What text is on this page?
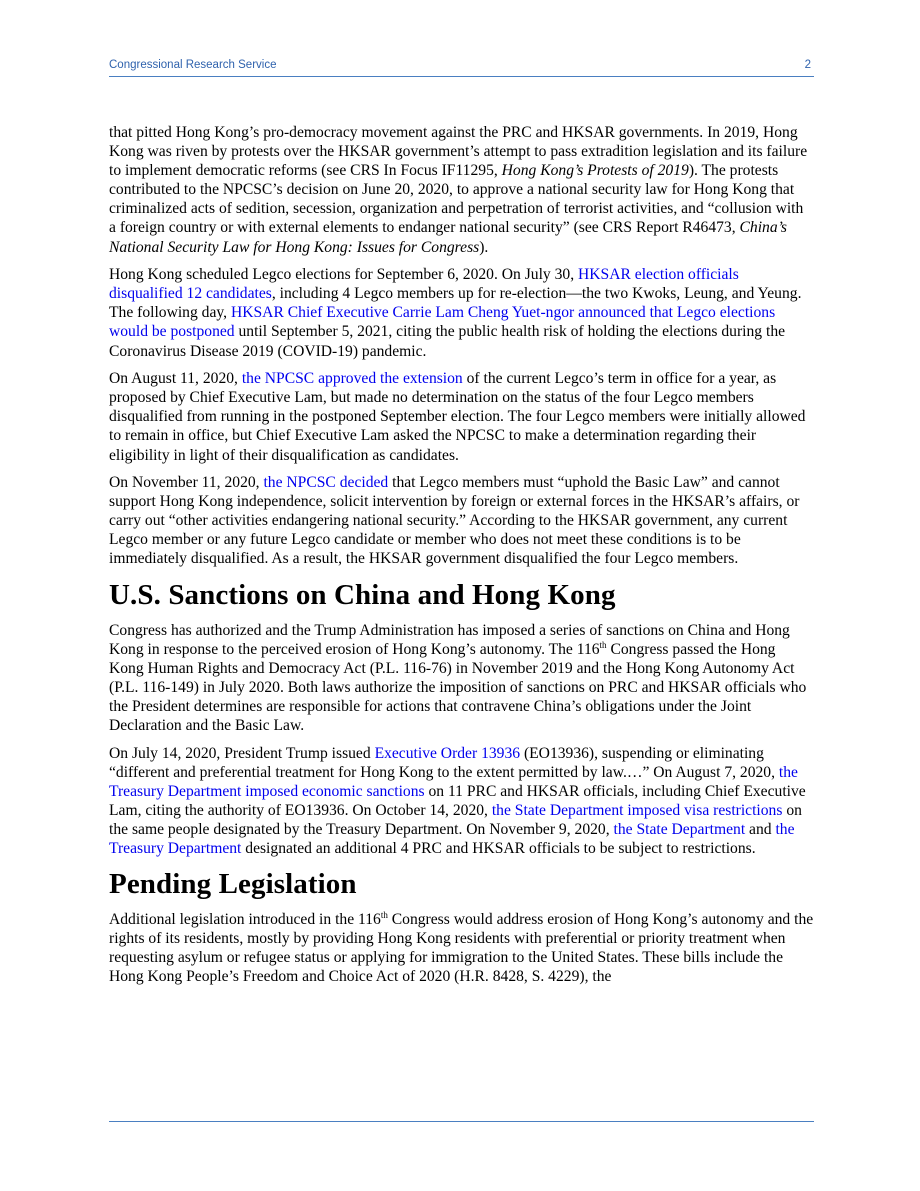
Congressional Research Service	2

that pitted Hong Kong’s pro-democracy movement against the PRC and HKSAR governments. In 2019, Hong Kong was riven by protests over the HKSAR government’s attempt to pass extradition legislation and its failure to implement democratic reforms (see CRS In Focus IF11295, Hong Kong’s Protests of 2019). The protests contributed to the NPCSC’s decision on June 20, 2020, to approve a national security law for Hong Kong that criminalized acts of sedition, secession, organization and perpetration of terrorist activities, and “collusion with a foreign country or with external elements to endanger national security” (see CRS Report R46473, China’s National Security Law for Hong Kong: Issues for Congress).

Hong Kong scheduled Legco elections for September 6, 2020. On July 30, HKSAR election officials disqualified 12 candidates, including 4 Legco members up for re-election—the two Kwoks, Leung, and Yeung. The following day, HKSAR Chief Executive Carrie Lam Cheng Yuet-ngor announced that Legco elections would be postponed until September 5, 2021, citing the public health risk of holding the elections during the Coronavirus Disease 2019 (COVID-19) pandemic.

On August 11, 2020, the NPCSC approved the extension of the current Legco’s term in office for a year, as proposed by Chief Executive Lam, but made no determination on the status of the four Legco members disqualified from running in the postponed September election. The four Legco members were initially allowed to remain in office, but Chief Executive Lam asked the NPCSC to make a determination regarding their eligibility in light of their disqualification as candidates.

On November 11, 2020, the NPCSC decided that Legco members must “uphold the Basic Law” and cannot support Hong Kong independence, solicit intervention by foreign or external forces in the HKSAR’s affairs, or carry out “other activities endangering national security.” According to the HKSAR government, any current Legco member or any future Legco candidate or member who does not meet these conditions is to be immediately disqualified. As a result, the HKSAR government disqualified the four Legco members.

U.S. Sanctions on China and Hong Kong

Congress has authorized and the Trump Administration has imposed a series of sanctions on China and Hong Kong in response to the perceived erosion of Hong Kong’s autonomy. The 116th Congress passed the Hong Kong Human Rights and Democracy Act (P.L. 116-76) in November 2019 and the Hong Kong Autonomy Act (P.L. 116-149) in July 2020. Both laws authorize the imposition of sanctions on PRC and HKSAR officials who the President determines are responsible for actions that contravene China’s obligations under the Joint Declaration and the Basic Law.

On July 14, 2020, President Trump issued Executive Order 13936 (EO13936), suspending or eliminating “different and preferential treatment for Hong Kong to the extent permitted by law.…” On August 7, 2020, the Treasury Department imposed economic sanctions on 11 PRC and HKSAR officials, including Chief Executive Lam, citing the authority of EO13936. On October 14, 2020, the State Department imposed visa restrictions on the same people designated by the Treasury Department. On November 9, 2020, the State Department and the Treasury Department designated an additional 4 PRC and HKSAR officials to be subject to restrictions.

Pending Legislation

Additional legislation introduced in the 116th Congress would address erosion of Hong Kong’s autonomy and the rights of its residents, mostly by providing Hong Kong residents with preferential or priority treatment when requesting asylum or refugee status or applying for immigration to the United States. These bills include the Hong Kong People’s Freedom and Choice Act of 2020 (H.R. 8428, S. 4229), the
